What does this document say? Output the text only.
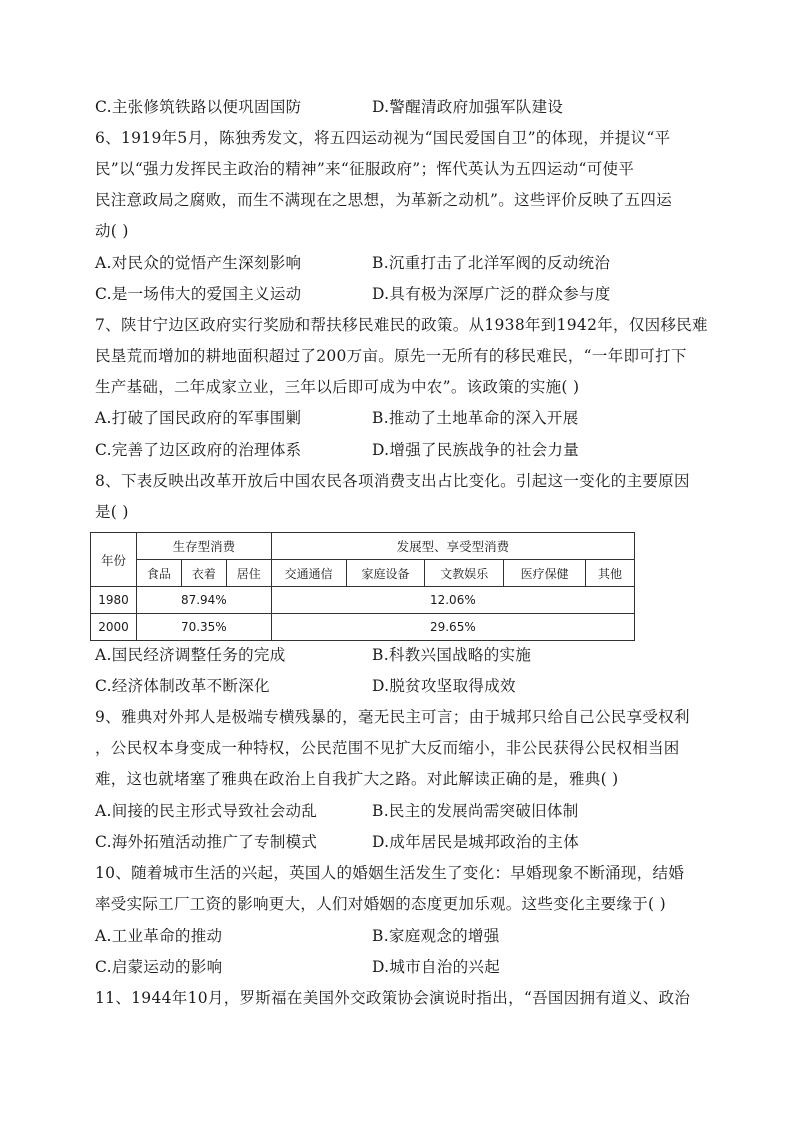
C.主张修筑铁路以便巩固国防	D.警醒清政府加强军队建设
6、1919年5月，陈独秀发文，将五四运动视为“国民爱国自卫”的体现，并提议“平
民”以“强力发挥民主政治的精神”来“征服政府”；恽代英认为五四运动“可使平
民注意政局之腐败，而生不满现在之思想，为革新之动机”。这些评价反映了五四运
动( )
A.对民众的觉悟产生深刻影响	B.沉重打击了北洋军阀的反动统治
C.是一场伟大的爱国主义运动	D.具有极为深厚广泛的群众参与度
7、陕甘宁边区政府实行奖励和帮扶移民难民的政策。从1938年到1942年，仅因移民难
民垦荒而增加的耕地面积超过了200万亩。原先一无所有的移民难民，“一年即可打下
生产基础，二年成家立业，三年以后即可成为中农”。该政策的实施( )
A.打破了国民政府的军事围剿	B.推动了土地革命的深入开展
C.完善了边区政府的治理体系	D.增强了民族战争的社会力量
8、下表反映出改革开放后中国农民各项消费支出占比变化。引起这一变化的主要原因
是( )
年份	生存型消费			发展型、享受型消费				
	食品	衣着	居住	交通通信	家庭设备	文教娱乐	医疗保健	其他
1980	87.94%			12.06%				
2000	70.35%			29.65%				
A.国民经济调整任务的完成	B.科教兴国战略的实施
C.经济体制改革不断深化	D.脱贫攻坚取得成效
9、雅典对外邦人是极端专横残暴的，毫无民主可言；由于城邦只给自己公民享受权利
，公民权本身变成一种特权，公民范围不见扩大反而缩小，非公民获得公民权相当困
难，这也就堵塞了雅典在政治上自我扩大之路。对此解读正确的是，雅典( )
A.间接的民主形式导致社会动乱	B.民主的发展尚需突破旧体制
C.海外拓殖活动推广了专制模式	D.成年居民是城邦政治的主体
10、随着城市生活的兴起，英国人的婚姻生活发生了变化：早婚现象不断涌现，结婚
率受实际工厂工资的影响更大，人们对婚姻的态度更加乐观。这些变化主要缘于( )
A.工业革命的推动	B.家庭观念的增强
C.启蒙运动的影响	D.城市自治的兴起
11、1944年10月，罗斯福在美国外交政策协会演说时指出，“吾国因拥有道义、政治
